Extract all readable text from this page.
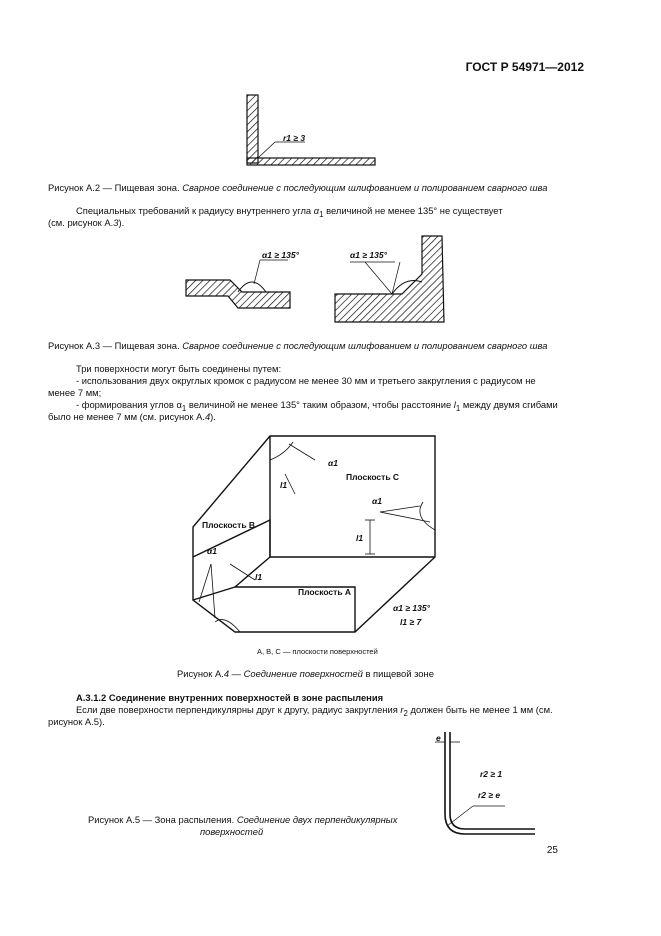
ГОСТ Р 54971—2012
r1 ≥ 3
Рисунок А.2 — Пищевая зона. Сварное соединение с последующим шлифованием и полированием сварного шва
Специальных требований к радиусу внутреннего угла $\alpha_1$ величиной не менее 135° не существует
(см. рисунок А.3).
α1 ≥ 135°	α1 ≥ 135°
Рисунок А.3 — Пищевая зона. Сварное соединение с последующим шлифованием и полированием сварного шва
Три поверхности могут быть соединены путем:
- использования двух округлых кромок с радиусом не менее 30 мм и третьего закругления с радиусом не
менее 7 мм;
- формирования углов $\alpha_1$ величиной не менее 135° таким образом, чтобы расстояние $l_1$ между двумя сгибами
было не менее 7 мм (см. рисунок А.4).
α1
Плоскость С
l1
α1
Плоскость В
l1
α1
l1
Плоскость А
α1 ≥ 135°
l1 ≥ 7
А, В, С — плоскости поверхностей
Рисунок А.4 — Соединение поверхностей в пищевой зоне
А.3.1.2 Соединение внутренних поверхностей в зоне распыления
Если две поверхности перпендикулярны друг к другу, радиус закругления $r_2$ должен быть не менее 1 мм (см.
рисунок А.5).
e
r2 ≥ 1
r2 ≥ e
Рисунок А.5 — Зона распыления. Соединение двух перпендикулярных
поверхностей
25
